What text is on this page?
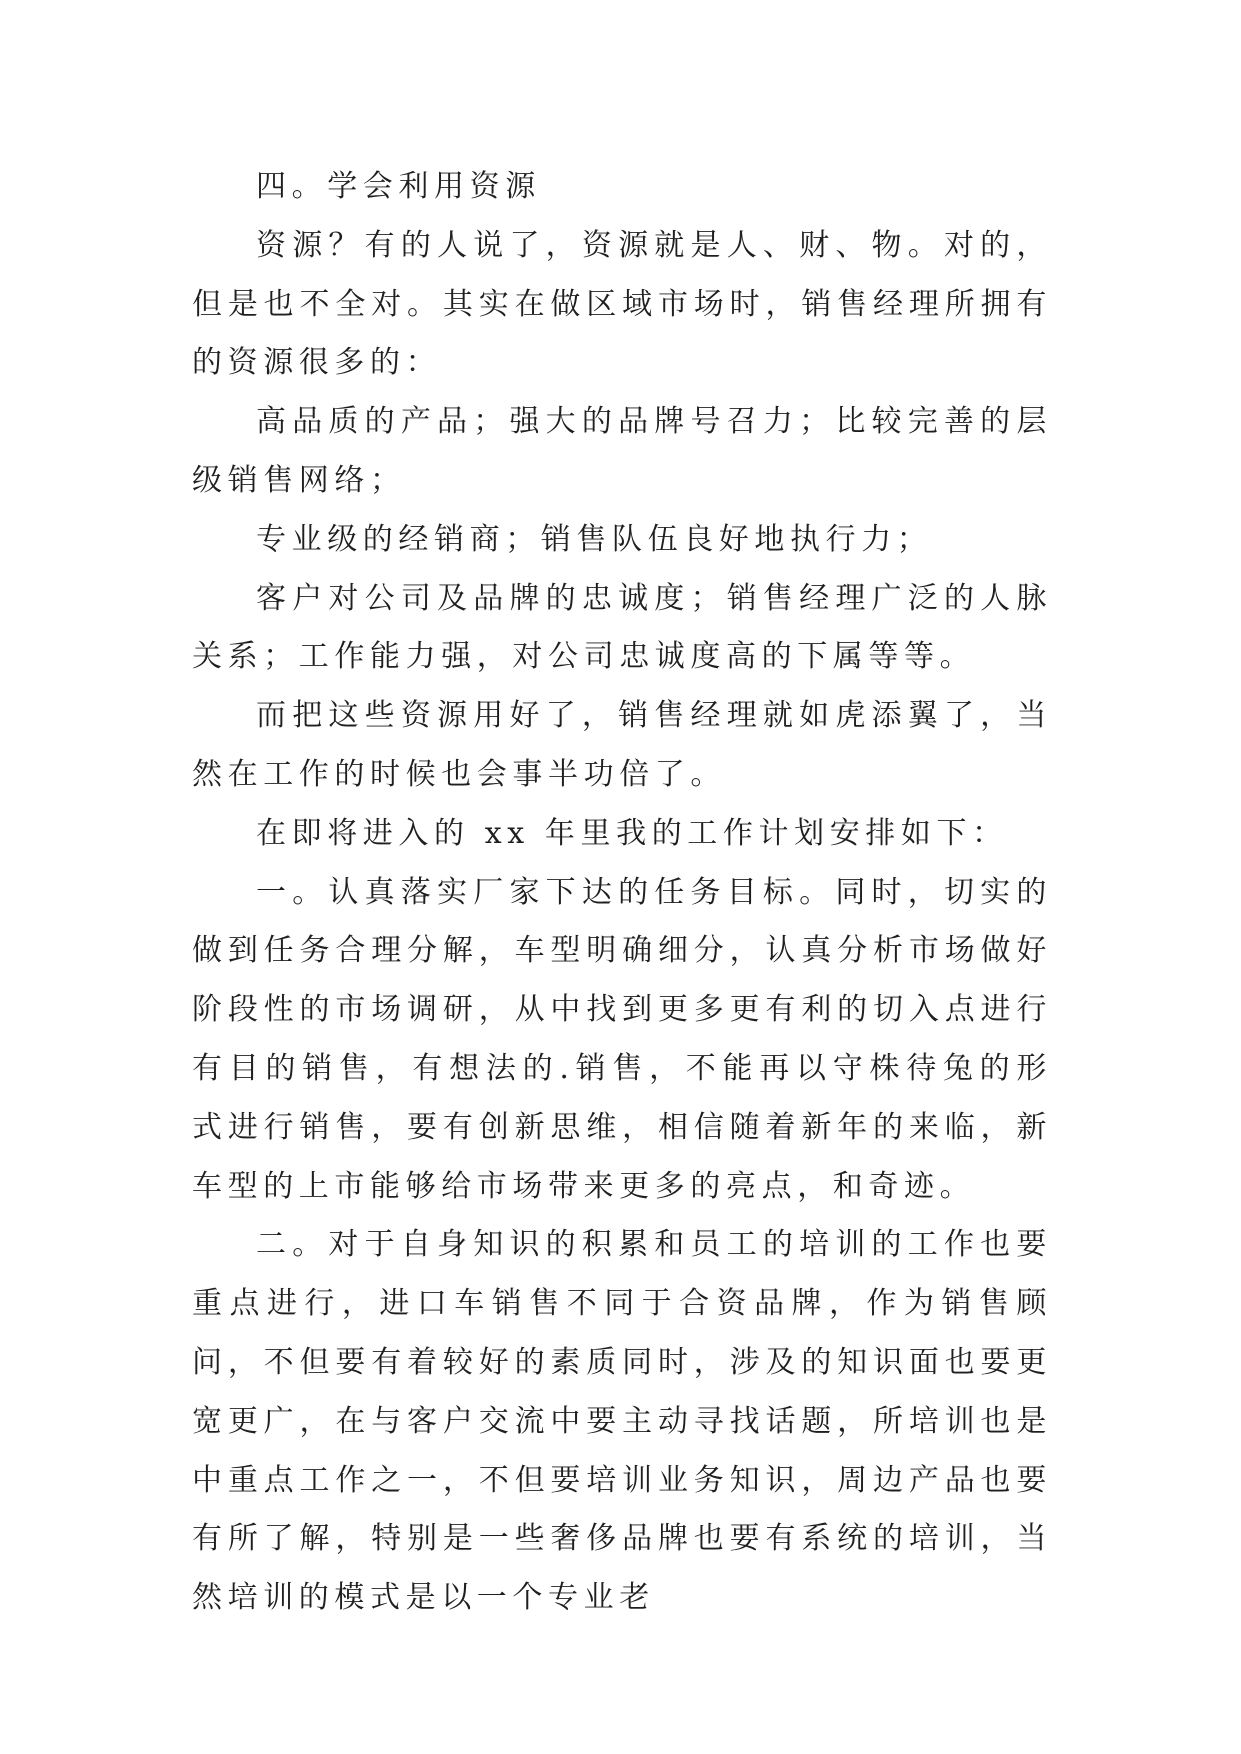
四。学会利用资源

资源？有的人说了，资源就是人、财、物。对的，但是也不全对。其实在做区域市场时，销售经理所拥有的资源很多的：

高品质的产品；强大的品牌号召力；比较完善的层级销售网络；

专业级的经销商；销售队伍良好地执行力；

客户对公司及品牌的忠诚度；销售经理广泛的人脉关系；工作能力强，对公司忠诚度高的下属等等。

而把这些资源用好了，销售经理就如虎添翼了，当然在工作的时候也会事半功倍了。

在即将进入的 xx 年里我的工作计划安排如下：

一。认真落实厂家下达的任务目标。同时，切实的做到任务合理分解，车型明确细分，认真分析市场做好阶段性的市场调研，从中找到更多更有利的切入点进行有目的销售，有想法的.销售，不能再以守株待兔的形式进行销售，要有创新思维，相信随着新年的来临，新车型的上市能够给市场带来更多的亮点，和奇迹。

二。对于自身知识的积累和员工的培训的工作也要重点进行，进口车销售不同于合资品牌，作为销售顾问，不但要有着较好的素质同时，涉及的知识面也要更宽更广，在与客户交流中要主动寻找话题，所培训也是中重点工作之一，不但要培训业务知识，周边产品也要有所了解，特别是一些奢侈品牌也要有系统的培训，当然培训的模式是以一个专业老
